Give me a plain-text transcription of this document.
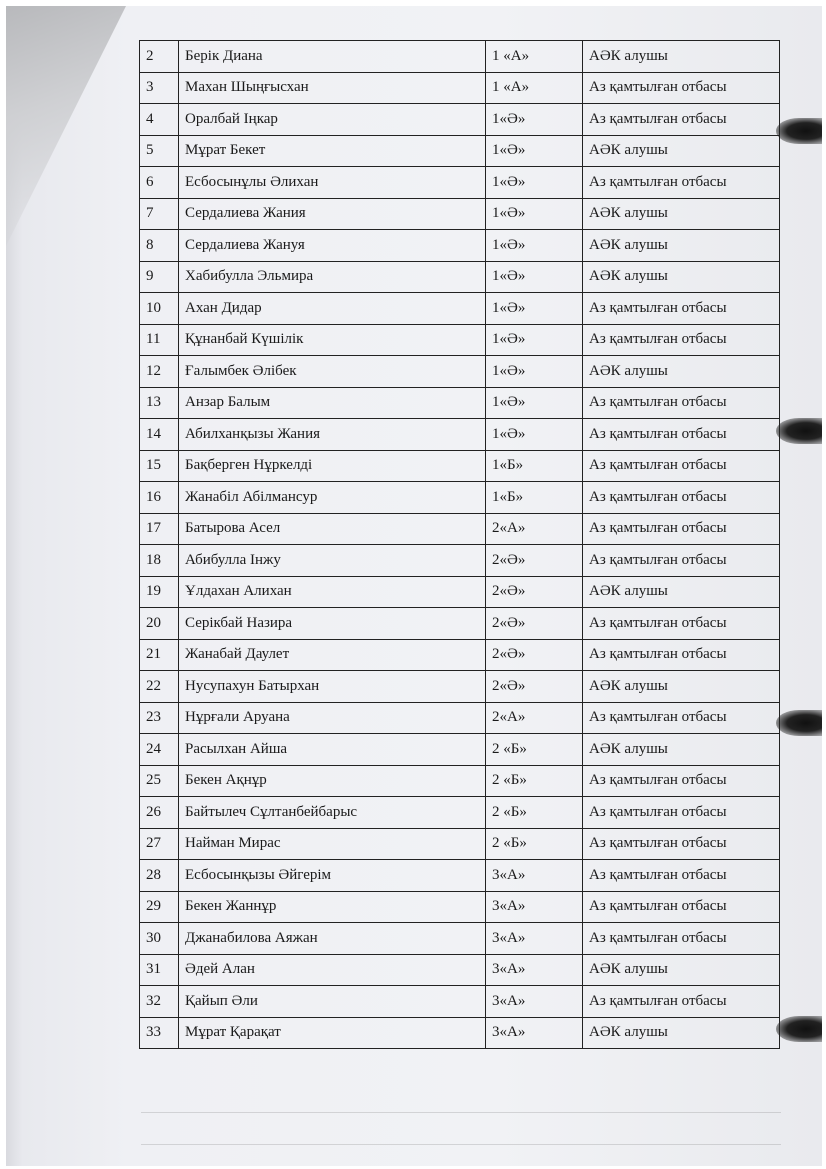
2	Берік Диана	1 «А»	АӘК алушы
3	Махан Шыңғысхан	1 «А»	Аз қамтылған отбасы
4	Оралбай Іңкар	1«Ә»	Аз қамтылған отбасы
5	Мұрат Бекет	1«Ә»	АӘК алушы
6	Есбосынұлы Әлихан	1«Ә»	Аз қамтылған отбасы
7	Сердалиева Жания	1«Ә»	АӘК алушы
8	Сердалиева Жануя	1«Ә»	АӘК алушы
9	Хабибулла Эльмира	1«Ә»	АӘК алушы
10	Ахан Дидар	1«Ә»	Аз қамтылған отбасы
11	Құнанбай Күшілік	1«Ә»	Аз қамтылған отбасы
12	Ғалымбек Әлібек	1«Ә»	АӘК алушы
13	Анзар Балым	1«Ә»	Аз қамтылған отбасы
14	Абилханқызы Жания	1«Ә»	Аз қамтылған отбасы
15	Бақберген Нұркелді	1«Б»	Аз қамтылған отбасы
16	Жанабіл Абілмансур	1«Б»	Аз қамтылған отбасы
17	Батырова Асел	2«А»	Аз қамтылған отбасы
18	Абибулла Інжу	2«Ә»	Аз қамтылған отбасы
19	Ұлдахан Алихан	2«Ә»	АӘК алушы
20	Серікбай Назира	2«Ә»	Аз қамтылған отбасы
21	Жанабай Даулет	2«Ә»	Аз қамтылған отбасы
22	Нусупахун Батырхан	2«Ә»	АӘК алушы
23	Нұрғали Аруана	2«А»	Аз қамтылған отбасы
24	Расылхан Айша	2 «Б»	АӘК алушы
25	Бекен Ақнұр	2 «Б»	Аз қамтылған отбасы
26	Байтылеч Сұлтанбейбарыс	2 «Б»	Аз қамтылған отбасы
27	Найман Мирас	2 «Б»	Аз қамтылған отбасы
28	Есбосынқызы Әйгерім	3«А»	Аз қамтылған отбасы
29	Бекен Жаннұр	3«А»	Аз қамтылған отбасы
30	Джанабилова Аяжан	3«А»	Аз қамтылған отбасы
31	Әдей Алан	3«А»	АӘК алушы
32	Қайып Әли	3«А»	Аз қамтылған отбасы
33	Мұрат Қарақат	3«А»	АӘК алушы
